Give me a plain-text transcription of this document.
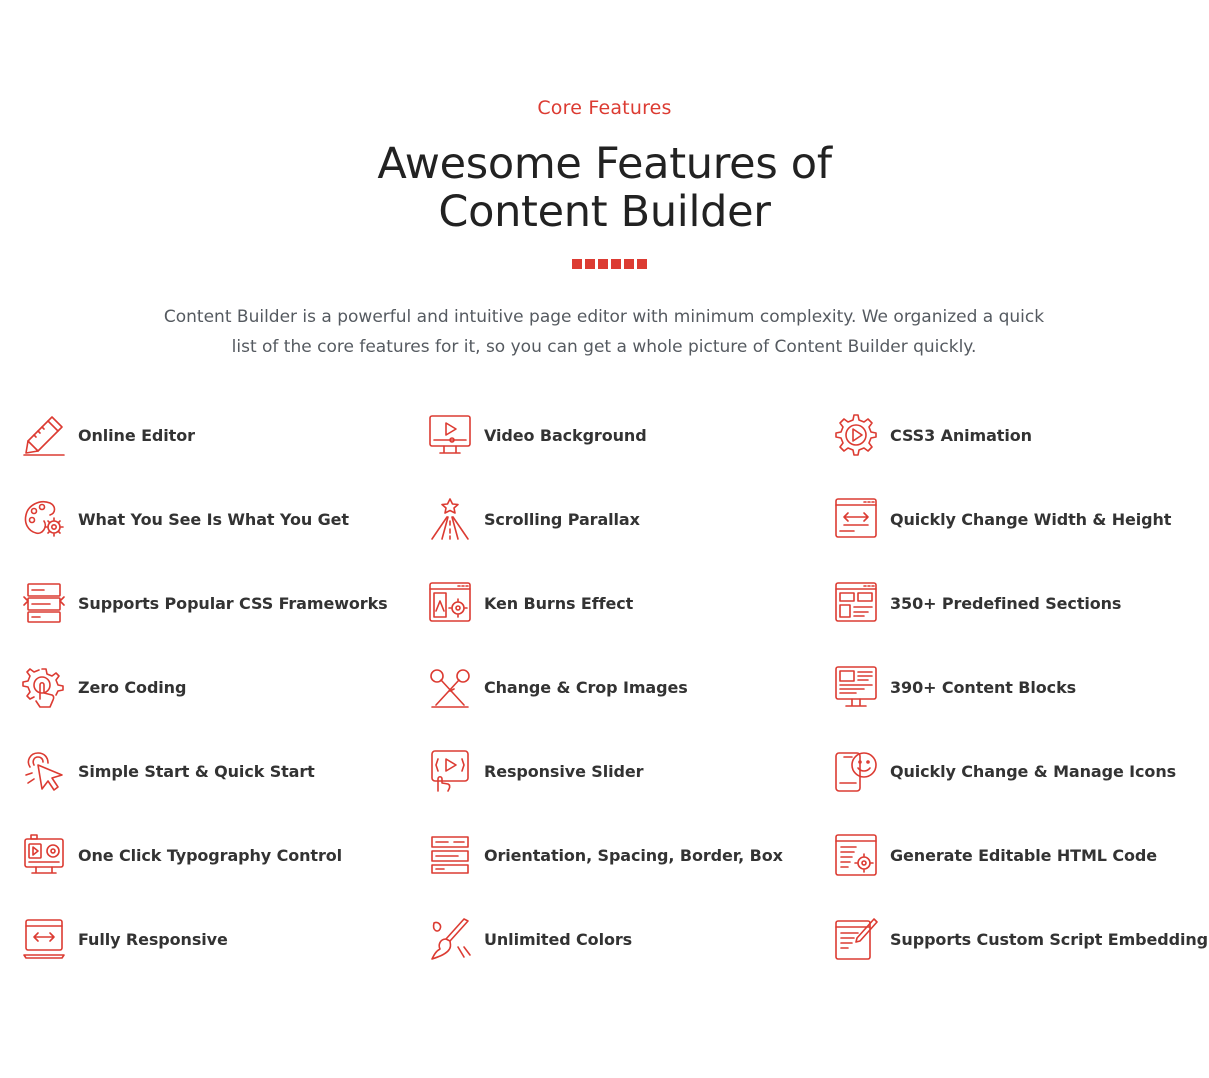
Core Features
Awesome Features of
Content Builder

Content Builder is a powerful and intuitive page editor with minimum complexity. We organized a quick
list of the core features for it, so you can get a whole picture of Content Builder quickly.

Online Editor
What You See Is What You Get
Supports Popular CSS Frameworks
Zero Coding
Simple Start & Quick Start
One Click Typography Control
Fully Responsive
Video Background
Scrolling Parallax
Ken Burns Effect
Change & Crop Images
Responsive Slider
Orientation, Spacing, Border, Box
Unlimited Colors
CSS3 Animation
Quickly Change Width & Height
350+ Predefined Sections
390+ Content Blocks
Quickly Change & Manage Icons
Generate Editable HTML Code
Supports Custom Script Embedding
